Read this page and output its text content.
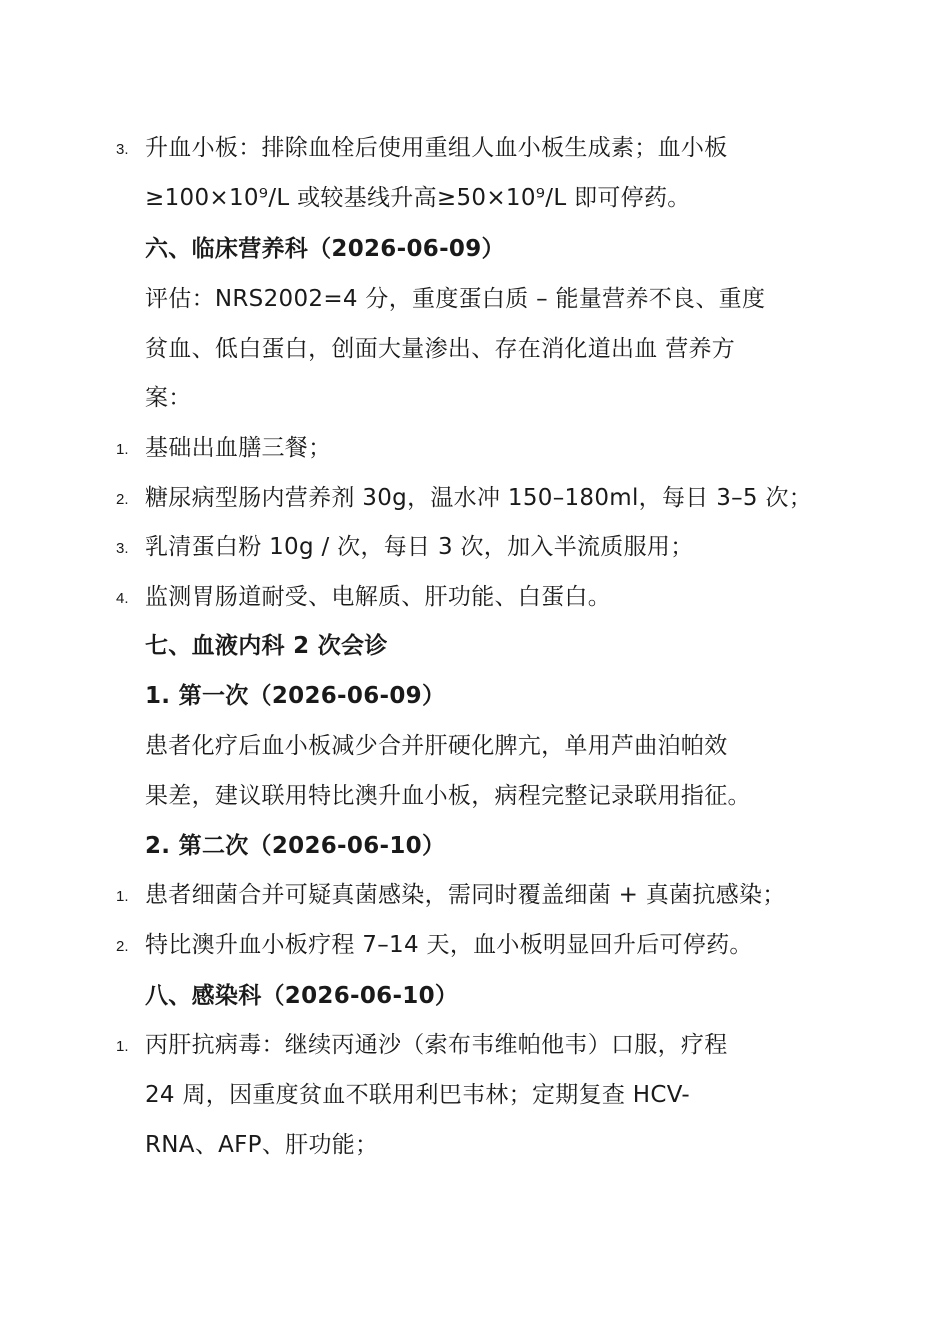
3. 升血小板：排除血栓后使用重组人血小板生成素；血小板
≥100×10⁹/L 或较基线升高≥50×10⁹/L 即可停药。
六、临床营养科（2026-06-09）
评估：NRS2002=4 分，重度蛋白质 – 能量营养不良、重度
贫血、低白蛋白，创面大量渗出、存在消化道出血 营养方
案：
1. 基础出血膳三餐；
2. 糖尿病型肠内营养剂 30g，温水冲 150–180ml，每日 3–5 次；
3. 乳清蛋白粉 10g / 次，每日 3 次，加入半流质服用；
4. 监测胃肠道耐受、电解质、肝功能、白蛋白。
七、血液内科 2 次会诊
1. 第一次（2026-06-09）
患者化疗后血小板减少合并肝硬化脾亢，单用芦曲泊帕效
果差，建议联用特比澳升血小板，病程完整记录联用指征。
2. 第二次（2026-06-10）
1. 患者细菌合并可疑真菌感染，需同时覆盖细菌 + 真菌抗感染；
2. 特比澳升血小板疗程 7–14 天，血小板明显回升后可停药。
八、感染科（2026-06-10）
1. 丙肝抗病毒：继续丙通沙（索布韦维帕他韦）口服，疗程
24 周，因重度贫血不联用利巴韦林；定期复查 HCV-
RNA、AFP、肝功能；
